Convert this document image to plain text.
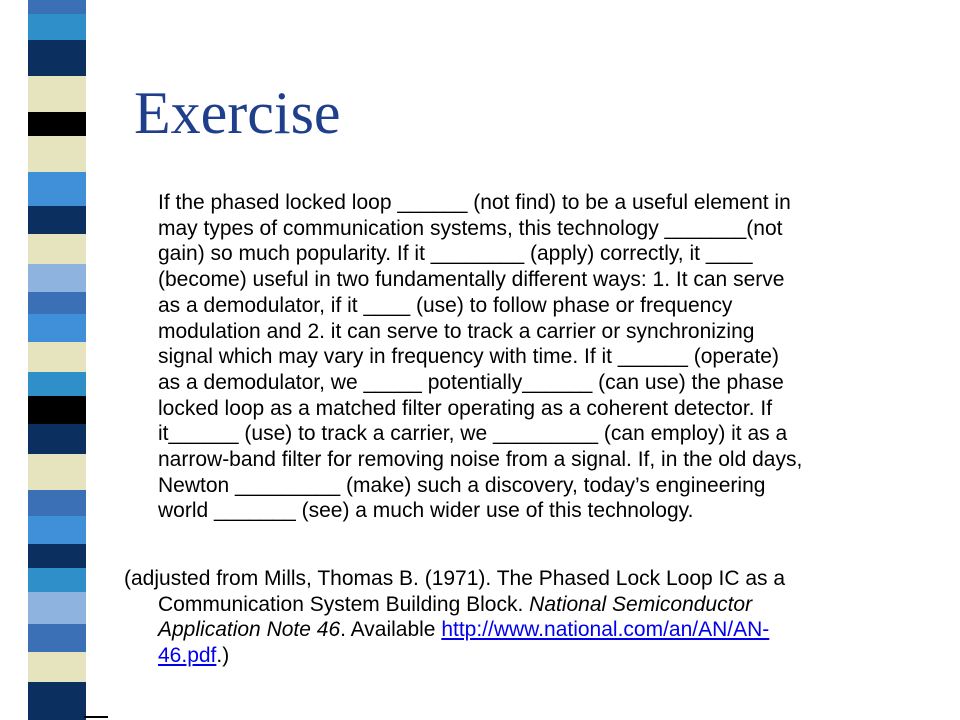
Exercise
If the phased locked loop ______ (not find) to be a useful element in
may types of communication systems, this technology _______(not
gain) so much popularity. If it ________ (apply) correctly, it ____
(become) useful in two fundamentally different ways: 1. It can serve
as a demodulator, if it ____ (use) to follow phase or frequency
modulation and 2. it can serve to track a carrier or synchronizing
signal which may vary in frequency with time. If it ______ (operate)
as a demodulator, we _____ potentially______ (can use) the phase
locked loop as a matched filter operating as a coherent detector. If
it______ (use) to track a carrier, we _________ (can employ) it as a
narrow-band filter for removing noise from a signal. If, in the old days,
Newton _________ (make) such a discovery, today’s engineering
world _______ (see) a much wider use of this technology.
(adjusted from Mills, Thomas B. (1971). The Phased Lock Loop IC as a
Communication System Building Block. National Semiconductor
Application Note 46. Available http://www.national.com/an/AN/AN-
46.pdf.)
